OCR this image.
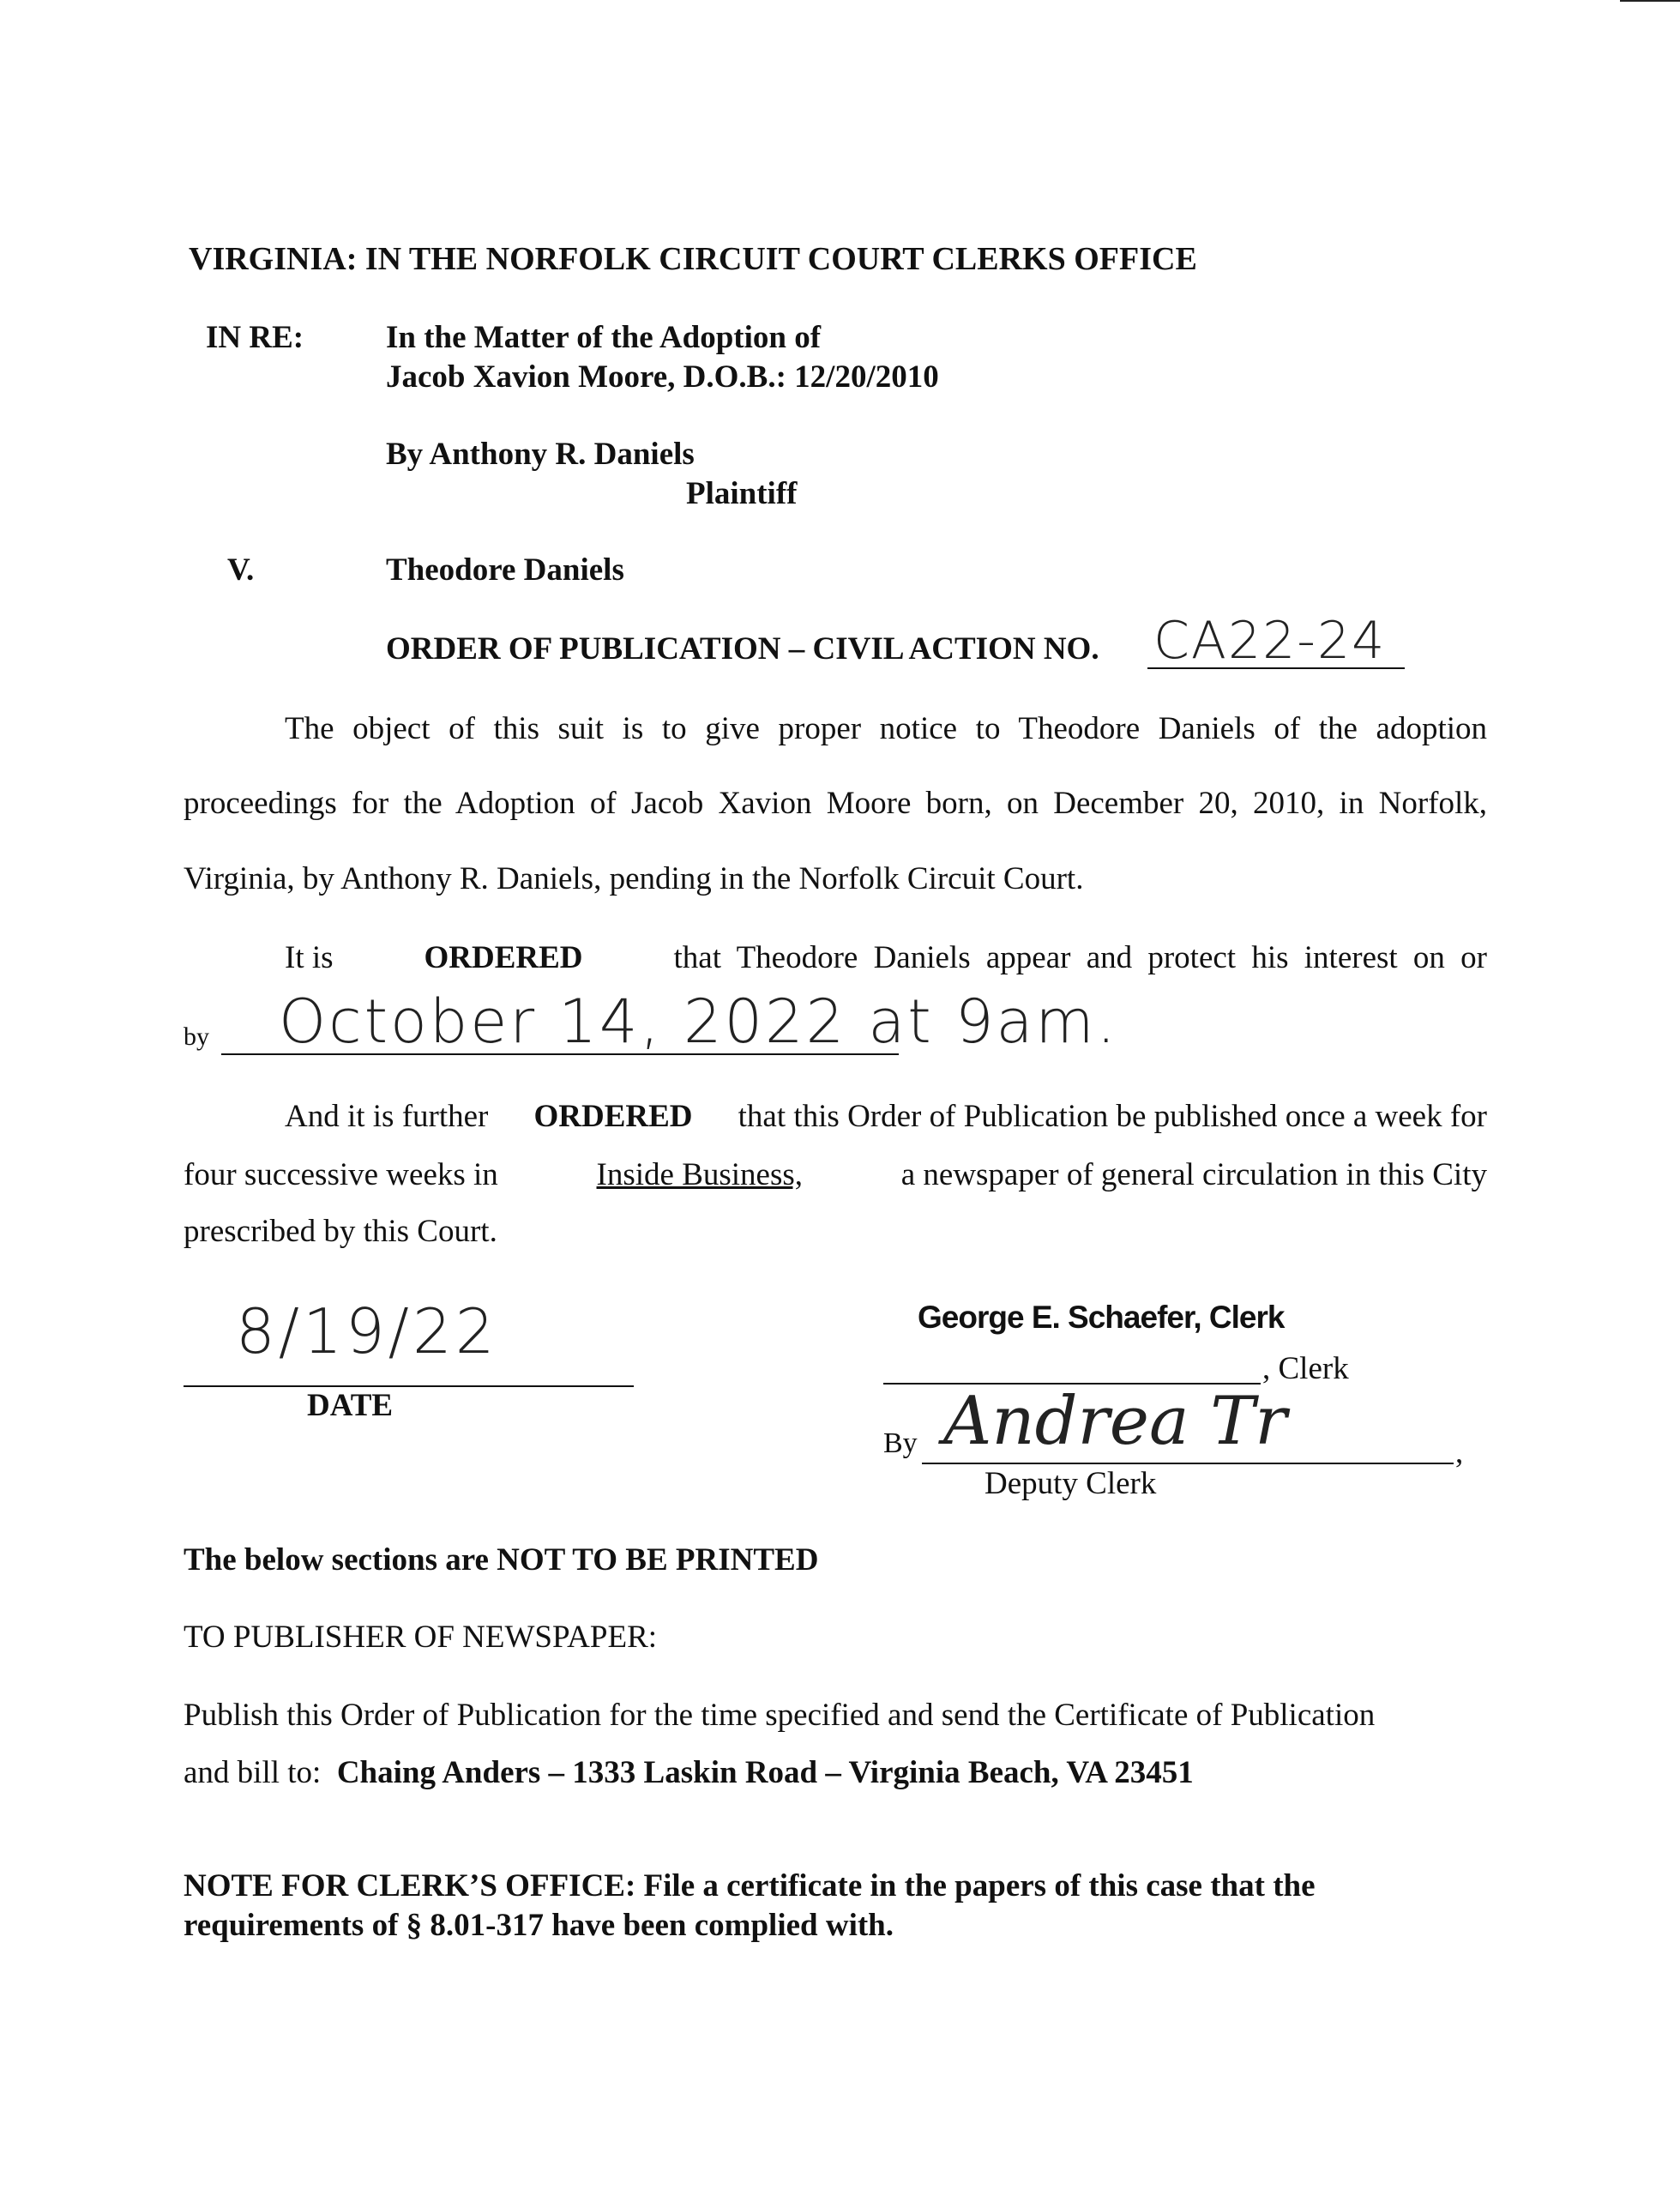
VIRGINIA: IN THE NORFOLK CIRCUIT COURT CLERKS OFFICE
IN RE:	In the Matter of the Adoption of
Jacob Xavion Moore, D.O.B.: 12/20/2010
By Anthony R. Daniels
Plaintiff
V.	Theodore Daniels
ORDER OF PUBLICATION – CIVIL ACTION NO. CA22-24
The object of this suit is to give proper notice to Theodore Daniels of the adoption
proceedings for the Adoption of Jacob Xavion Moore born, on December 20, 2010, in Norfolk,
Virginia, by Anthony R. Daniels, pending in the Norfolk Circuit Court.
It is	ORDERED	that Theodore Daniels appear and protect his interest on or
by October 14, 2022 at 9am.
And it is further ORDERED that this Order of Publication be published once a week for
four successive weeks in	Inside Business,	a newspaper of general circulation in this City
prescribed by this Court.
8/19/22
DATE
George E. Schaefer, Clerk
, Clerk
By Andrea Tr	,
Deputy Clerk
The below sections are NOT TO BE PRINTED
TO PUBLISHER OF NEWSPAPER:
Publish this Order of Publication for the time specified and send the Certificate of Publication
and bill to: Chaing Anders – 1333 Laskin Road – Virginia Beach, VA 23451
NOTE FOR CLERK’S OFFICE: File a certificate in the papers of this case that the
requirements of § 8.01-317 have been complied with.
